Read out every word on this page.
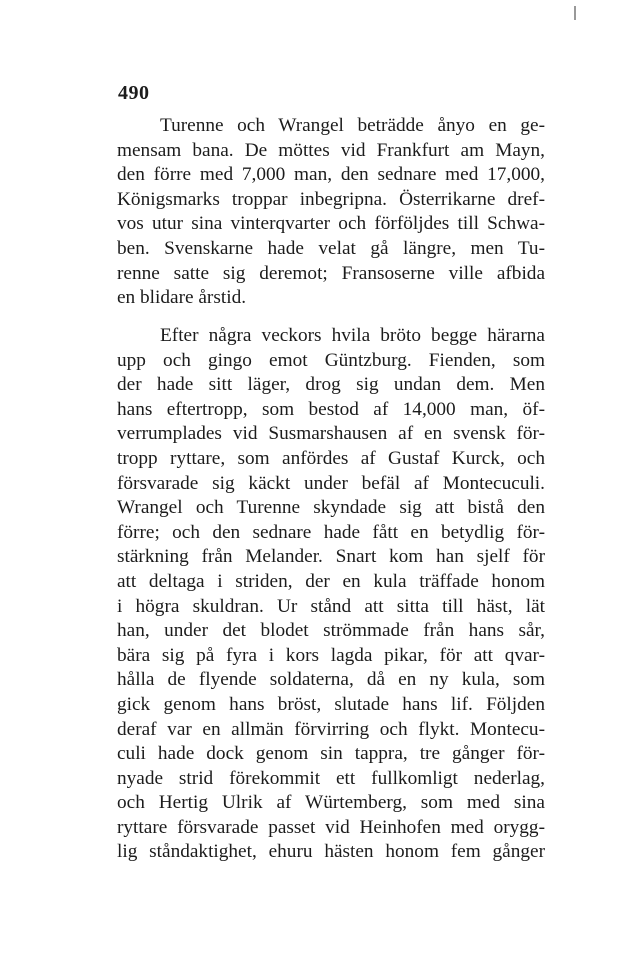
490
Turenne och Wrangel beträdde ånyo en ge-
mensam bana. De möttes vid Frankfurt am Mayn,
den förre med 7,000 man, den sednare med 17,000,
Königsmarks troppar inbegripna. Österrikarne dref-
vos utur sina vinterqvarter och förföljdes till Schwa-
ben. Svenskarne hade velat gå längre, men Tu-
renne satte sig deremot; Fransoserne ville afbida
en blidare årstid.
Efter några veckors hvila bröto begge härarna
upp och gingo emot Güntzburg. Fienden, som
der hade sitt läger, drog sig undan dem. Men
hans eftertropp, som bestod af 14,000 man, öf-
verrumplades vid Susmarshausen af en svensk för-
tropp ryttare, som anfördes af Gustaf Kurck, och
försvarade sig käckt under befäl af Montecuculi.
Wrangel och Turenne skyndade sig att bistå den
förre; och den sednare hade fått en betydlig för-
stärkning från Melander. Snart kom han sjelf för
att deltaga i striden, der en kula träffade honom
i högra skuldran. Ur stånd att sitta till häst, lät
han, under det blodet strömmade från hans sår,
bära sig på fyra i kors lagda pikar, för att qvar-
hålla de flyende soldaterna, då en ny kula, som
gick genom hans bröst, slutade hans lif. Följden
deraf var en allmän förvirring och flykt. Montecu-
culi hade dock genom sin tappra, tre gånger för-
nyade strid förekommit ett fullkomligt nederlag,
och Hertig Ulrik af Würtemberg, som med sina
ryttare försvarade passet vid Heinhofen med orygg-
lig ståndaktighet, ehuru hästen honom fem gånger
